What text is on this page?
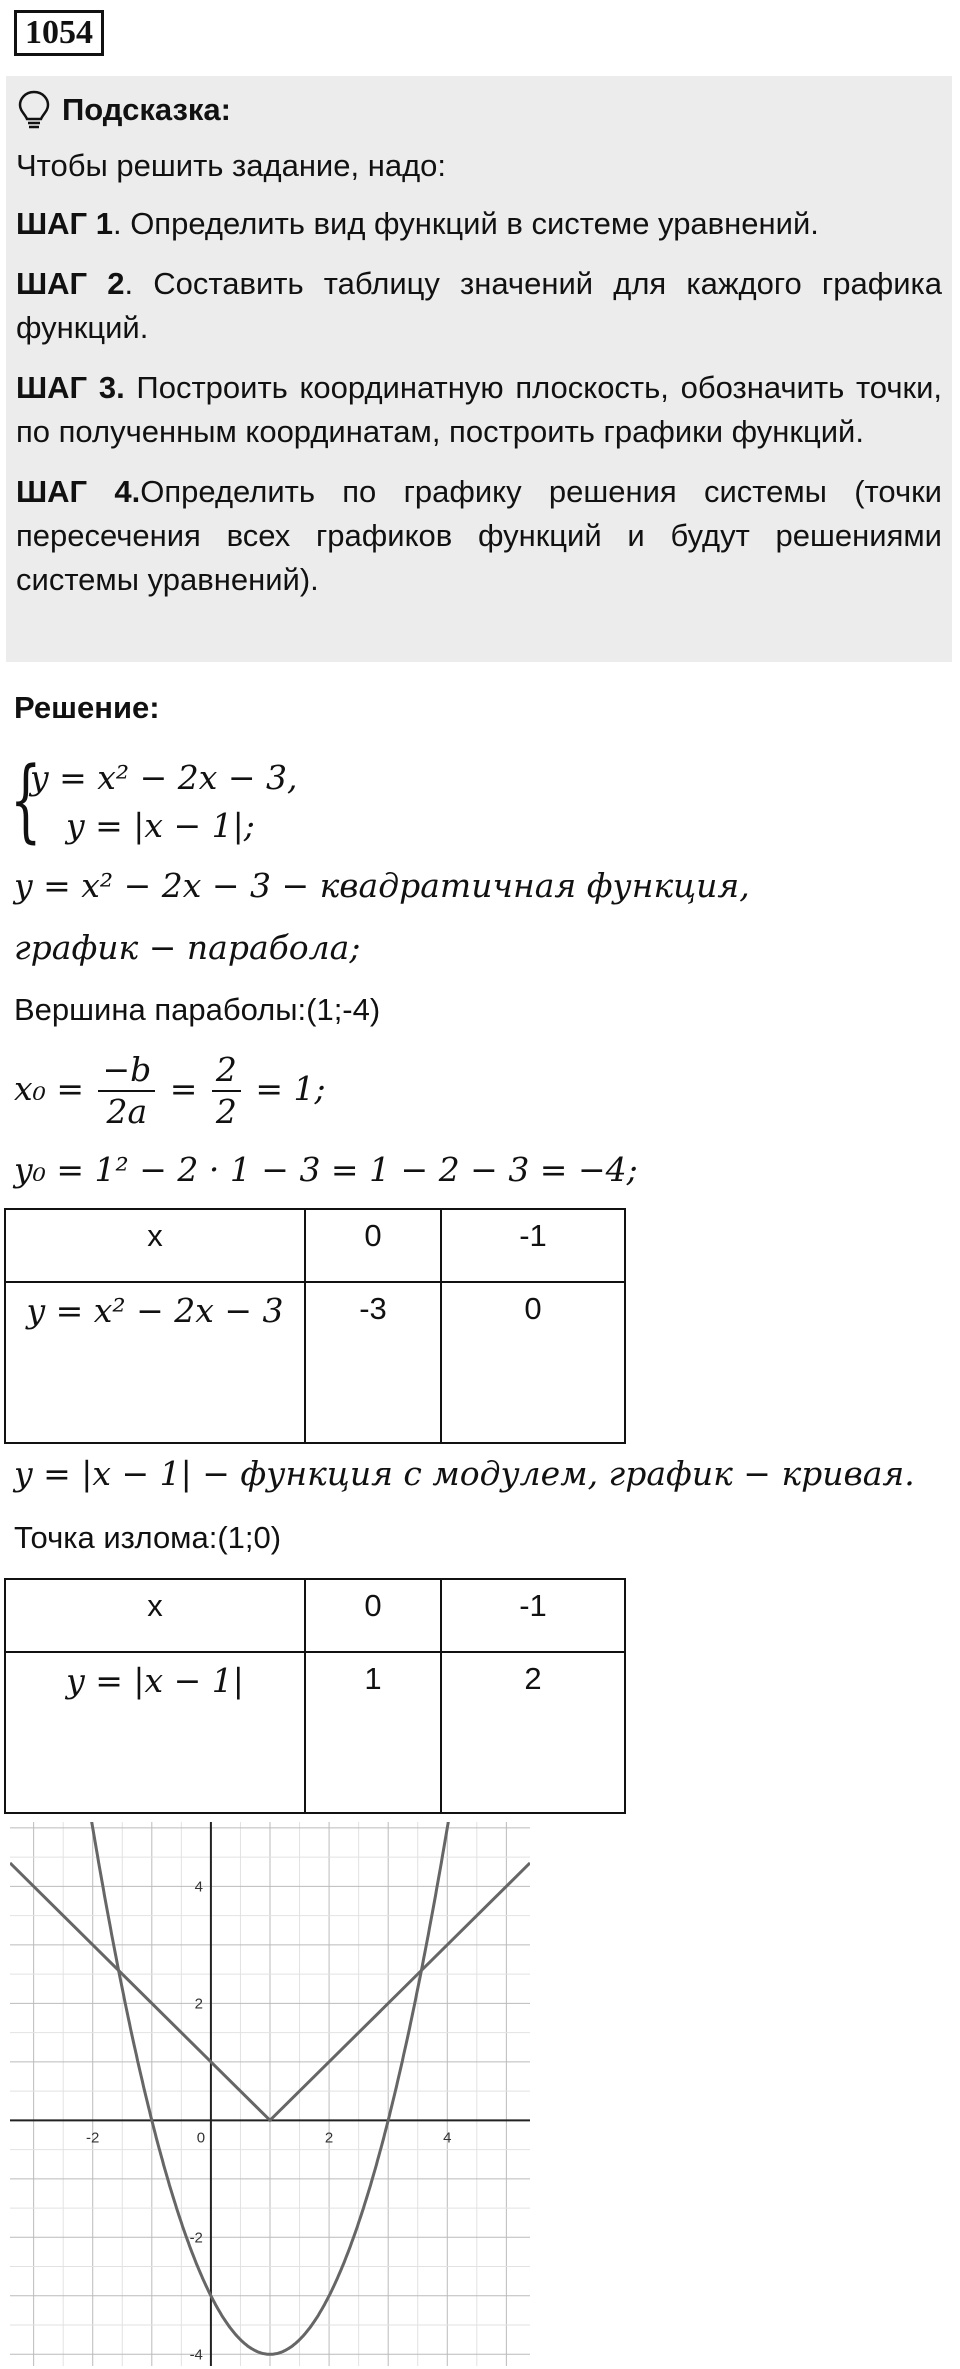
1054
Подсказка:

Чтобы решить задание, надо:

ШАГ 1. Определить вид функций в системе уравнений.

ШАГ 2. Составить таблицу значений для каждого графика функций.

ШАГ 3. Построить координатную плоскость, обозначить точки, по полученным координатам, построить графики функций.

ШАГ 4.Определить по графику решения системы (точки пересечения всех графиков функций и будут решениями системы уравнений).

Решение:
{
y = x² − 2x − 3,
y = |x − 1|;
y = x² − 2x − 3 − квадратичная функция,
график − парабола;
Вершина параболы:(1;-4)
$x_0 = \frac{-b}{2a} = \frac{2}{2} = 1$;
y₀ = 1² − 2 · 1 − 3 = 1 − 2 − 3 = −4;
x	0	-1
y = x² − 2x − 3	-3	0
y = |x − 1| − функция с модулем, график − кривая.
Точка излома:(1;0)
x	0	-1
y = |x − 1|	1	2
-2	0	2	4
4
2
-2
-4
